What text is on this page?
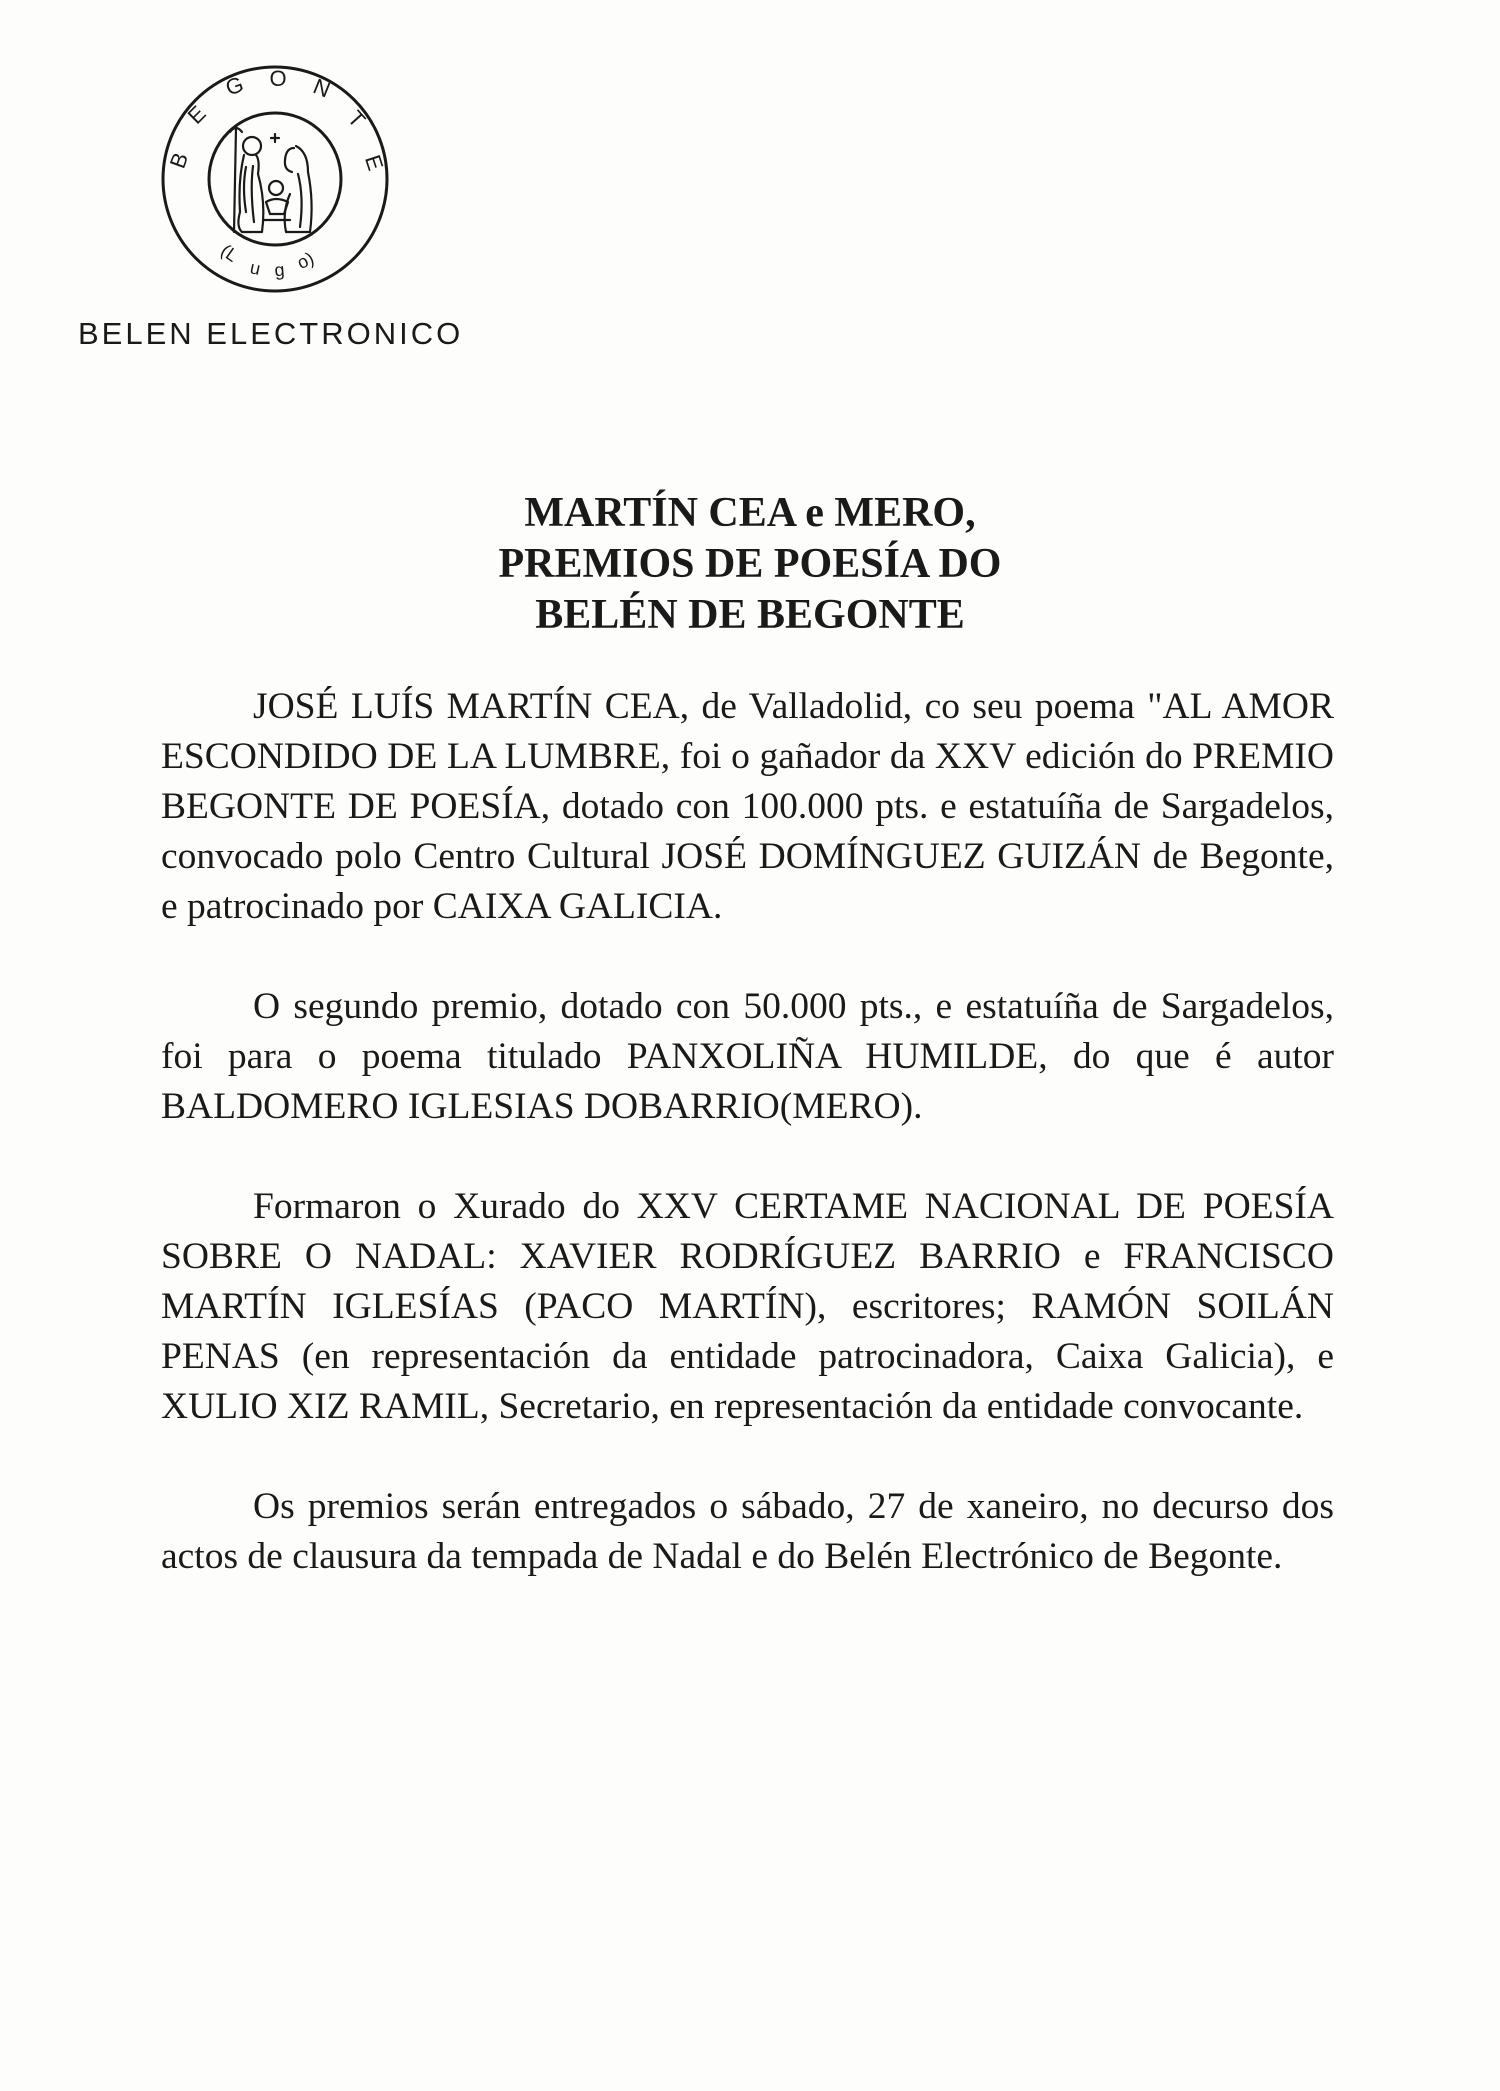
B
E
G O N
T
E
(L
u g o)
BELEN ELECTRONICO
MARTÍN CEA e MERO,
PREMIOS DE POESÍA DO
BELÉN DE BEGONTE

JOSÉ LUÍS MARTÍN CEA, de Valladolid, co seu poema "AL AMOR ESCONDIDO DE LA LUMBRE, foi o gañador da XXV edición do PREMIO BEGONTE DE POESÍA, dotado con 100.000 pts. e estatuíña de Sargadelos, convocado polo Centro Cultural JOSÉ DOMÍNGUEZ GUIZÁN de Begonte, e patrocinado por CAIXA GALICIA.

O segundo premio, dotado con 50.000 pts., e estatuíña de Sargadelos, foi para o poema titulado PANXOLIÑA HUMILDE, do que é autor BALDOMERO IGLESIAS DOBARRIO(MERO).

Formaron o Xurado do XXV CERTAME NACIONAL DE POESÍA SOBRE O NADAL: XAVIER RODRÍGUEZ BARRIO e FRANCISCO MARTÍN IGLESÍAS (PACO MARTÍN), escritores; RAMÓN SOILÁN PENAS (en representación da entidade patrocinadora, Caixa Galicia), e XULIO XIZ RAMIL, Secretario, en representación da entidade convocante.

Os premios serán entregados o sábado, 27 de xaneiro, no decurso dos actos de clausura da tempada de Nadal e do Belén Electrónico de Begonte.
